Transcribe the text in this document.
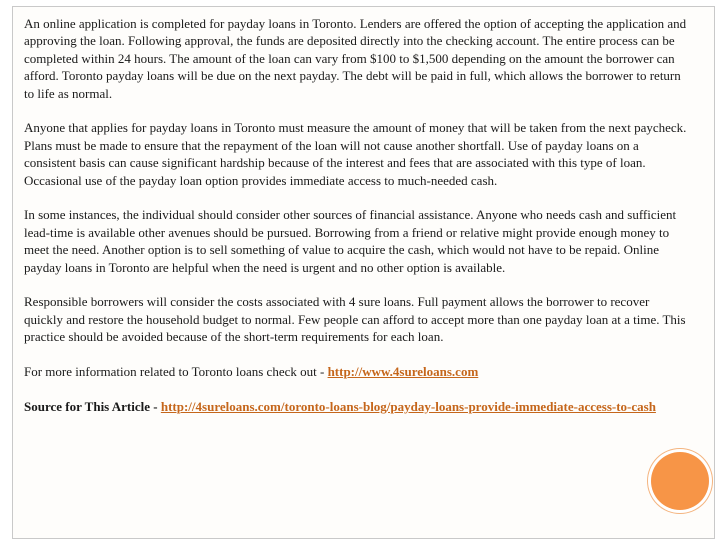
An online application is completed for payday loans in Toronto. Lenders are offered the option of accepting the application and approving the loan. Following approval, the funds are deposited directly into the checking account. The entire process can be completed within 24 hours. The amount of the loan can vary from $100 to $1,500 depending on the amount the borrower can afford. Toronto payday loans will be due on the next payday. The debt will be paid in full, which allows the borrower to return to life as normal.

Anyone that applies for payday loans in Toronto must measure the amount of money that will be taken from the next paycheck. Plans must be made to ensure that the repayment of the loan will not cause another shortfall. Use of payday loans on a consistent basis can cause significant hardship because of the interest and fees that are associated with this type of loan. Occasional use of the payday loan option provides immediate access to much-needed cash.

In some instances, the individual should consider other sources of financial assistance. Anyone who needs cash and sufficient lead-time is available other avenues should be pursued. Borrowing from a friend or relative might provide enough money to meet the need. Another option is to sell something of value to acquire the cash, which would not have to be repaid. Online payday loans in Toronto are helpful when the need is urgent and no other option is available.

Responsible borrowers will consider the costs associated with 4 sure loans. Full payment allows the borrower to recover quickly and restore the household budget to normal. Few people can afford to accept more than one payday loan at a time. This practice should be avoided because of the short-term requirements for each loan.

For more information related to Toronto loans check out - http://www.4sureloans.com

Source for This Article - http://4sureloans.com/toronto-loans-blog/payday-loans-provide-immediate-access-to-cash
